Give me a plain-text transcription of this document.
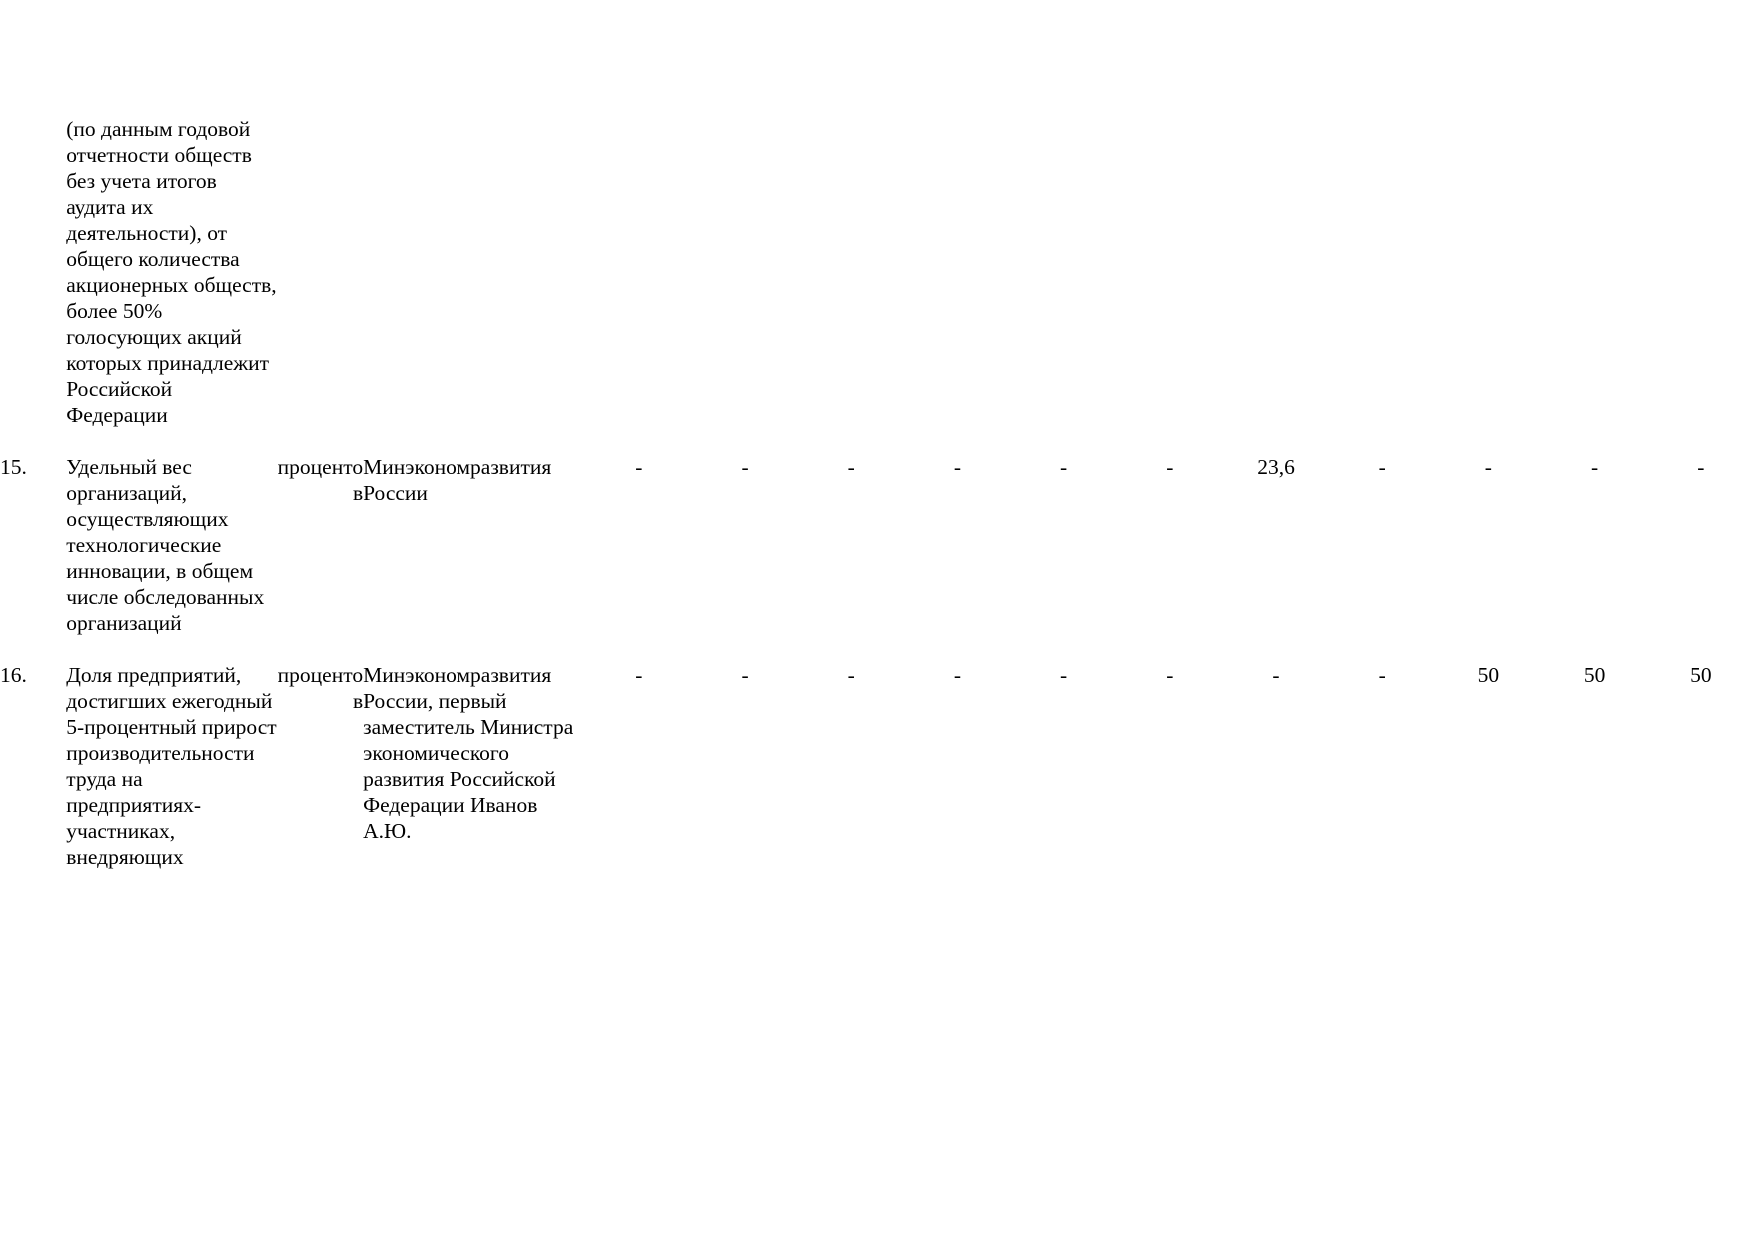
	(по данным годовой отчетности обществ без учета итогов аудита их деятельности), от общего количества акционерных обществ, более 50% голосующих акций которых принадлежит Российской Федерации													

15.	Удельный вес организаций, осуществляющих технологические инновации, в общем числе обследованных организаций	процентов	Минэкономразвития России	-	-	-	-	-	-	23,6	-	-	-	-

16.	Доля предприятий, достигших ежегодный 5-процентный прирост производительности труда на предприятиях-участниках, внедряющих	процентов	Минэкономразвития России, первый заместитель Министра экономического развития Российской Федерации Иванов А.Ю.	-	-	-	-	-	-	-	-	50	50	50
